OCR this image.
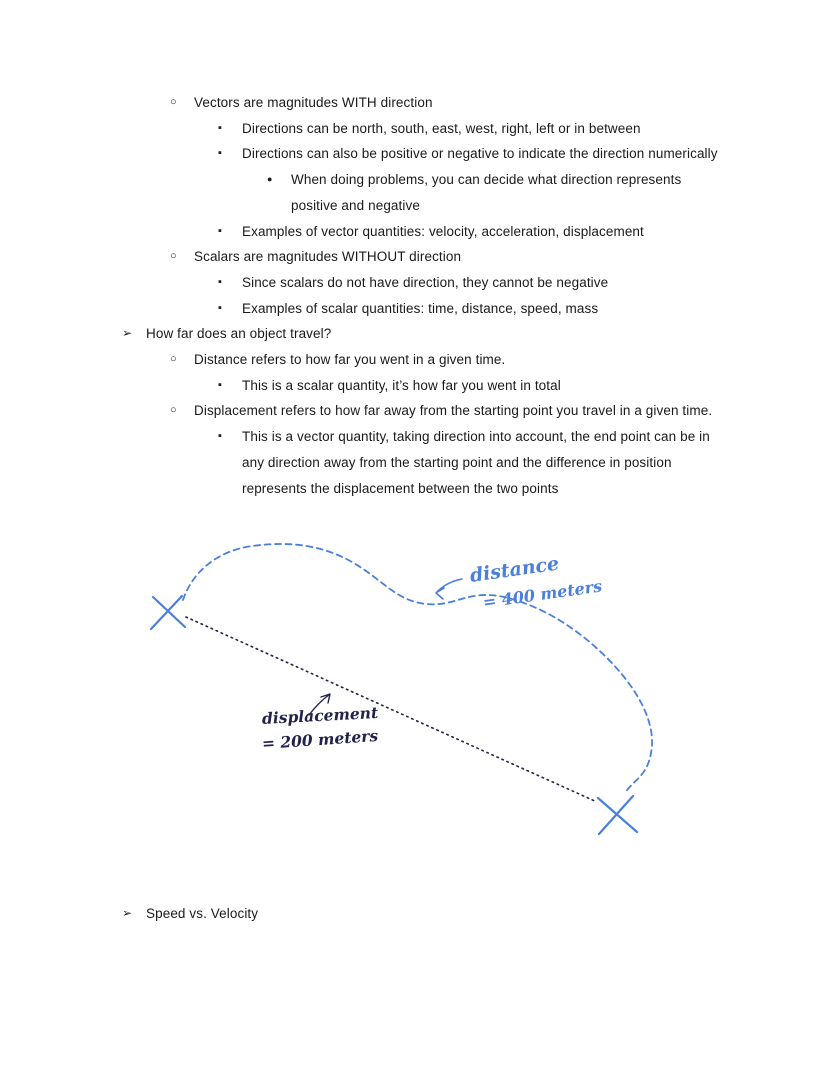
○	Vectors are magnitudes WITH direction
▪	Directions can be north, south, east, west, right, left or in between
▪	Directions can also be positive or negative to indicate the direction numerically
●	When doing problems, you can decide what direction represents positive and negative
▪	Examples of vector quantities: velocity, acceleration, displacement
○	Scalars are magnitudes WITHOUT direction
▪	Since scalars do not have direction, they cannot be negative
▪	Examples of scalar quantities: time, distance, speed, mass
➢	How far does an object travel?
○	Distance refers to how far you went in a given time.
▪	This is a scalar quantity, it’s how far you went in total
○	Displacement refers to how far away from the starting point you travel in a given time.
▪	This is a vector quantity, taking direction into account, the end point can be in any direction away from the starting point and the difference in position represents the displacement between the two points
distance
= 400 meters
displacement
= 200 meters
➢	Speed vs. Velocity
